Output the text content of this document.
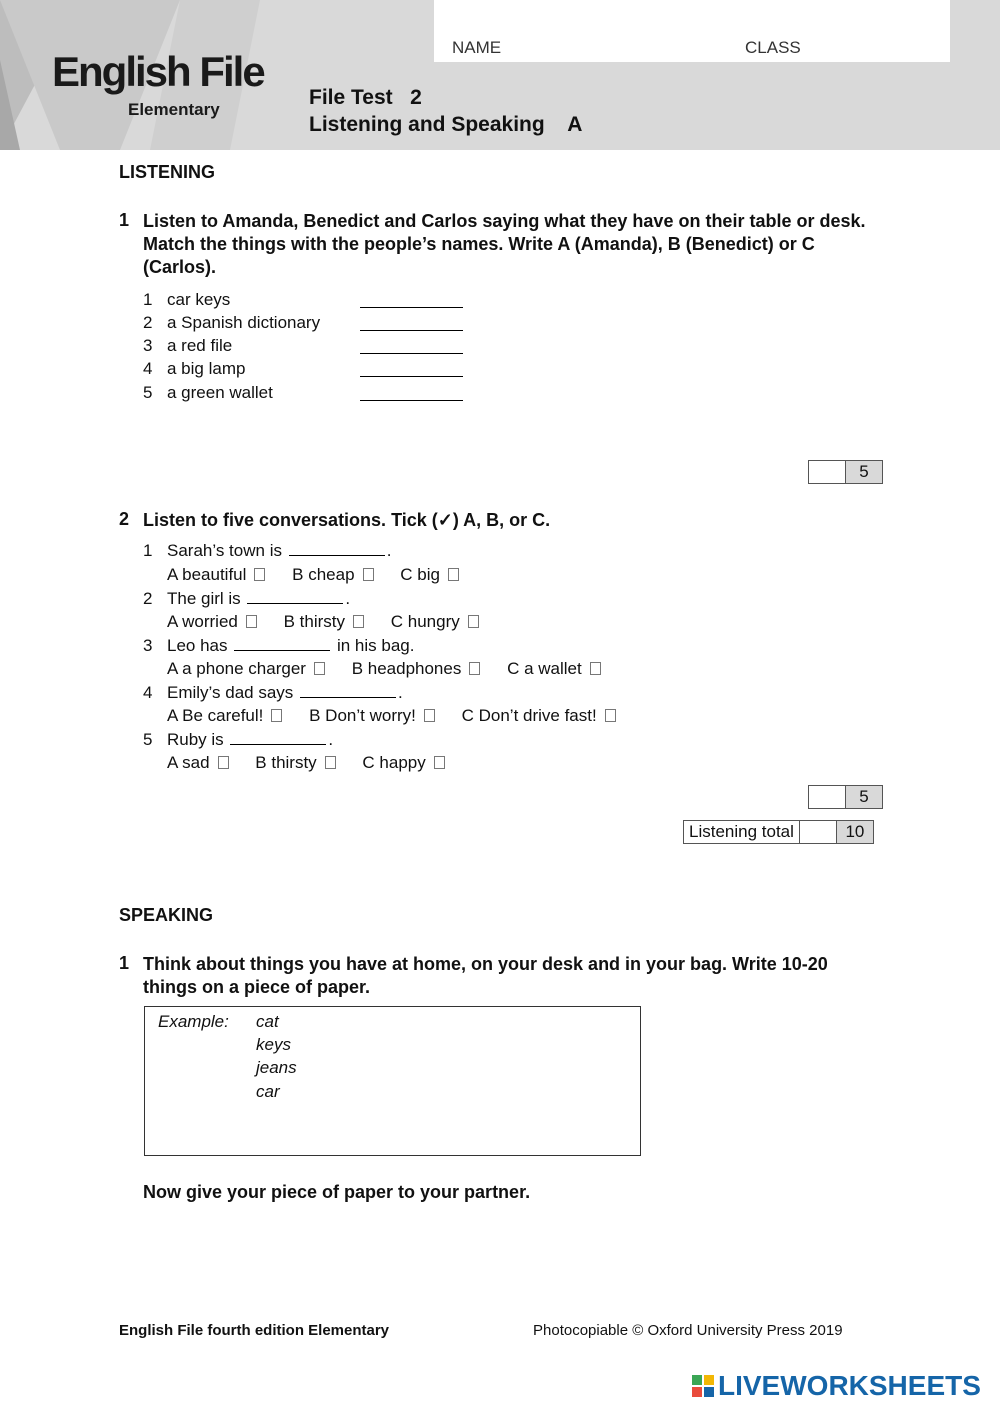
English File
Elementary
NAME	CLASS
File Test   2
Listening and Speaking    A
LISTENING
1 Listen to Amanda, Benedict and Carlos saying what they have on their table or desk. Match the things with the people’s names. Write A (Amanda), B (Benedict) or C (Carlos).
1 car keys
2 a Spanish dictionary
3 a red file
4 a big lamp
5 a green wallet
5
2 Listen to five conversations. Tick (✓) A, B, or C.
1 Sarah’s town is	.
A beautiful	B cheap	C big
2 The girl is	.
A worried	B thirsty	C hungry
3 Leo has	in his bag.
A a phone charger	B headphones	C a wallet
4 Emily’s dad says	.
A Be careful!	B Don’t worry!	C Don’t drive fast!
5 Ruby is	.
A sad	B thirsty	C happy
5
Listening total	10
SPEAKING
1 Think about things you have at home, on your desk and in your bag. Write 10-20 things on a piece of paper.
Example: cat
keys
jeans
car
Now give your piece of paper to your partner.
English File fourth edition Elementary	Photocopiable © Oxford University Press 2019
LIVEWORKSHEETS
